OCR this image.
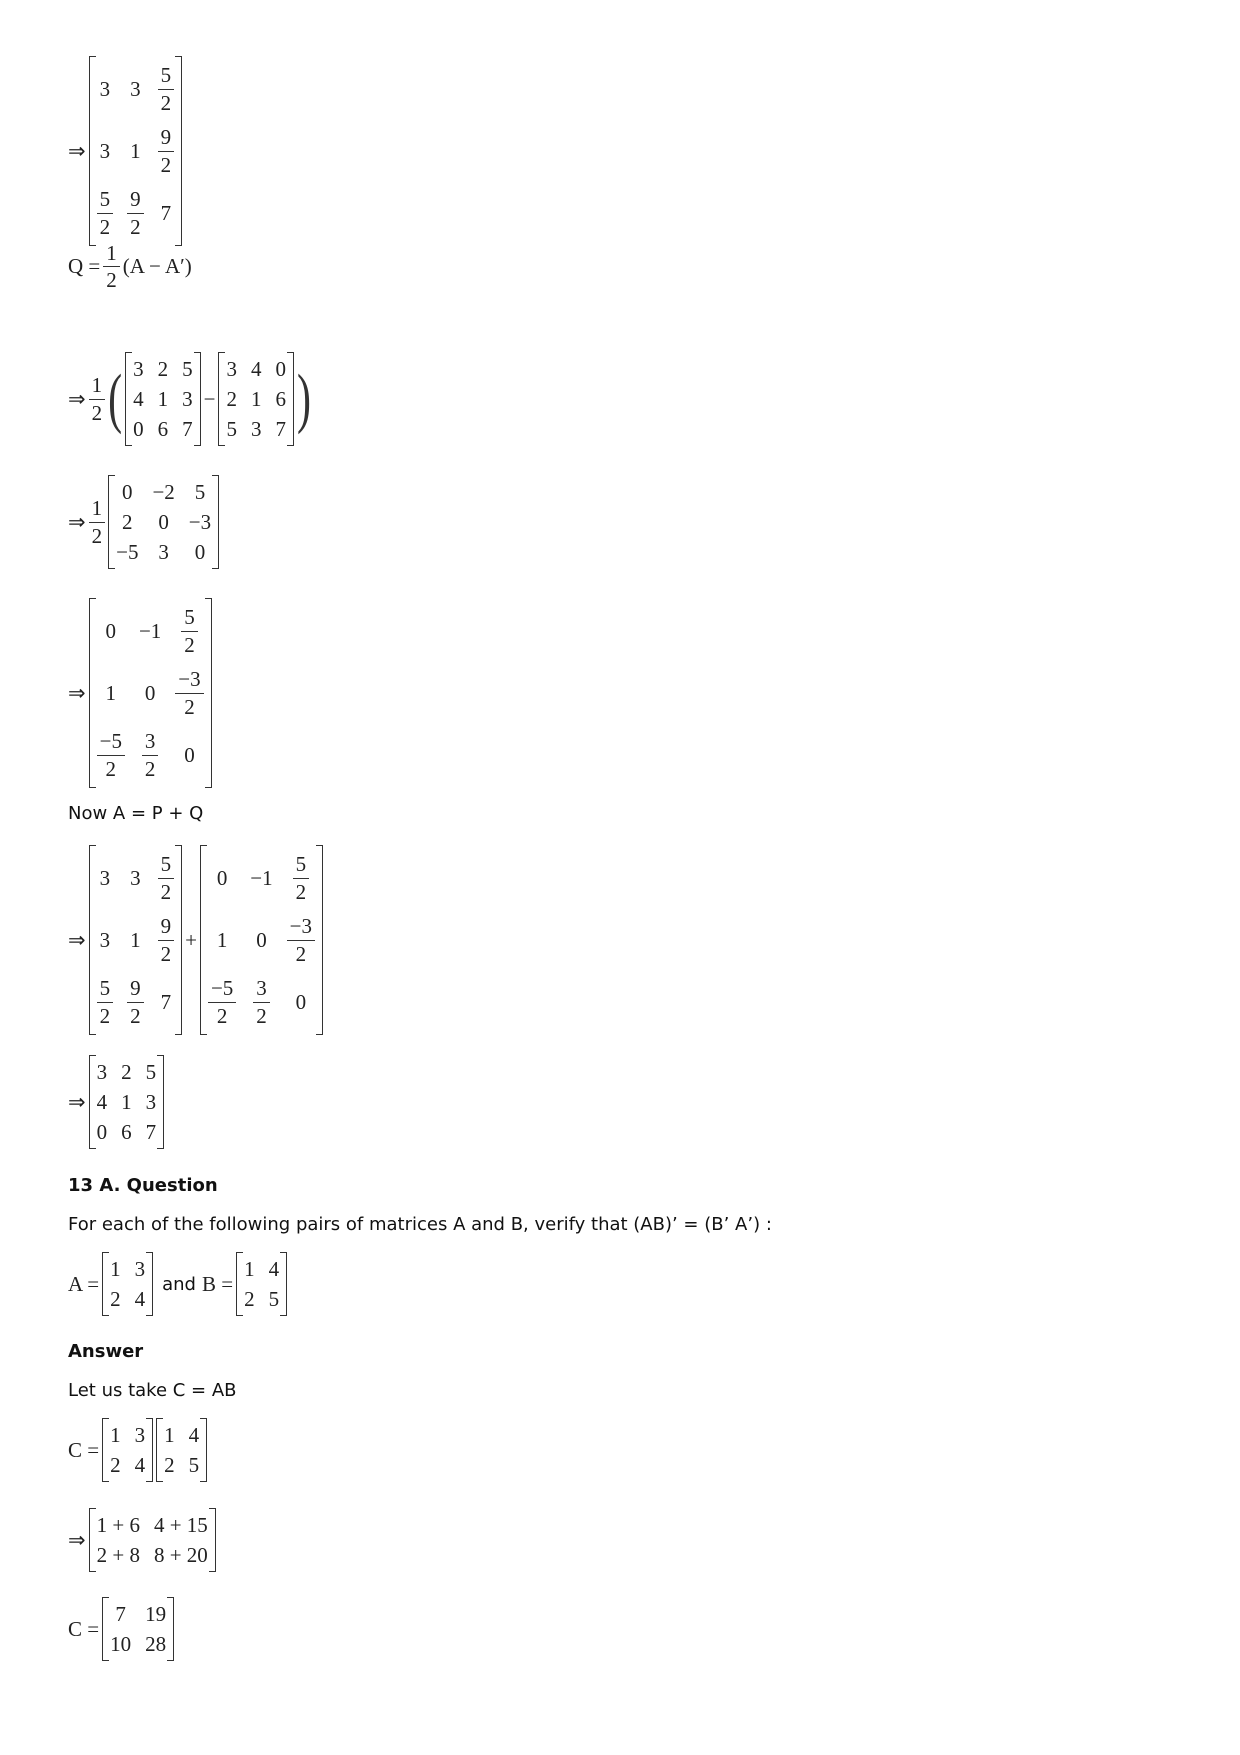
⇒
3 $3 \frac{5}{2}$
3 $1 \frac{9}{2}$
$\frac{5}{2} \frac{9}{2} 7$
$Q = \frac{1}{2} (A - A')$
⇒ $\frac{1}{2}$ ( 3 2 5
4 1 3
0 6 7
−
3 4 0
2 1 6
5 3 7 )
⇒ $\frac{1}{2}$
0 −2 5
2 0 −3
−5 3 0
⇒
$0 -1 \frac{5}{2}$
1 $0 \frac{-3}{2}$
$\frac{-5}{2} \frac{3}{2} 0$
Now A = P + Q
⇒
3 $3 \frac{5}{2}$
3 $1 \frac{9}{2}$
$\frac{5}{2} \frac{9}{2} 7$
+
$0 -1 \frac{5}{2}$
1 $0 \frac{-3}{2}$
$\frac{-5}{2} \frac{3}{2} 0$
⇒
3 2 5
4 1 3
0 6 7
13 A. Question
For each of the following pairs of matrices A and B, verify that (AB)’ = (B’ A’) :
A =
1 3
2 4
and B =
1 4
2 5
Answer
Let us take C = AB
C =
1 3
2 4
1 4
2 5
⇒
1 + 6 4 + 15
2 + 8 8 + 20
C =
7 19
10 28
